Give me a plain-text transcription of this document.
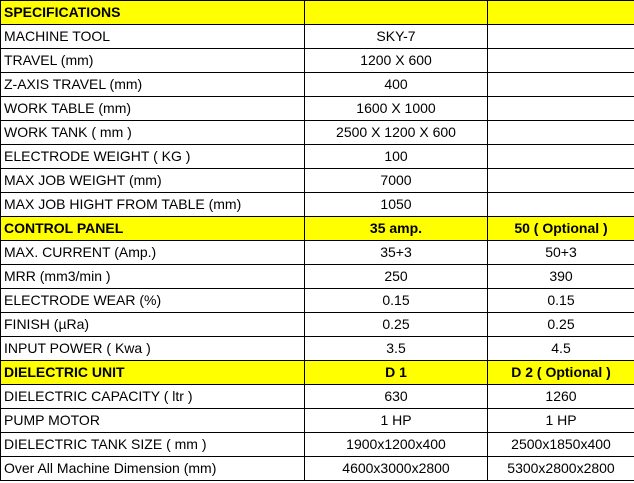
SPECIFICATIONS		
MACHINE TOOL	SKY-7	
TRAVEL (mm)	1200 X 600	
Z-AXIS TRAVEL (mm)	400	
WORK TABLE (mm)	1600 X 1000	
WORK TANK ( mm )	2500 X 1200 X 600	
ELECTRODE WEIGHT ( KG )	100	
MAX JOB WEIGHT (mm)	7000	
MAX JOB HIGHT FROM TABLE (mm)	1050	
CONTROL PANEL	35 amp.	50 ( Optional )
MAX. CURRENT (Amp.)	35+3	50+3
MRR (mm3/min )	250	390
ELECTRODE WEAR (%)	0.15	0.15
FINISH (µRa)	0.25	0.25
INPUT POWER ( Kwa )	3.5	4.5
DIELECTRIC UNIT	D 1	D 2 ( Optional )
DIELECTRIC CAPACITY ( ltr )	630	1260
PUMP MOTOR	1 HP	1 HP
DIELECTRIC TANK SIZE ( mm )	1900x1200x400	2500x1850x400
Over All Machine Dimension (mm)	4600x3000x2800	5300x2800x2800
